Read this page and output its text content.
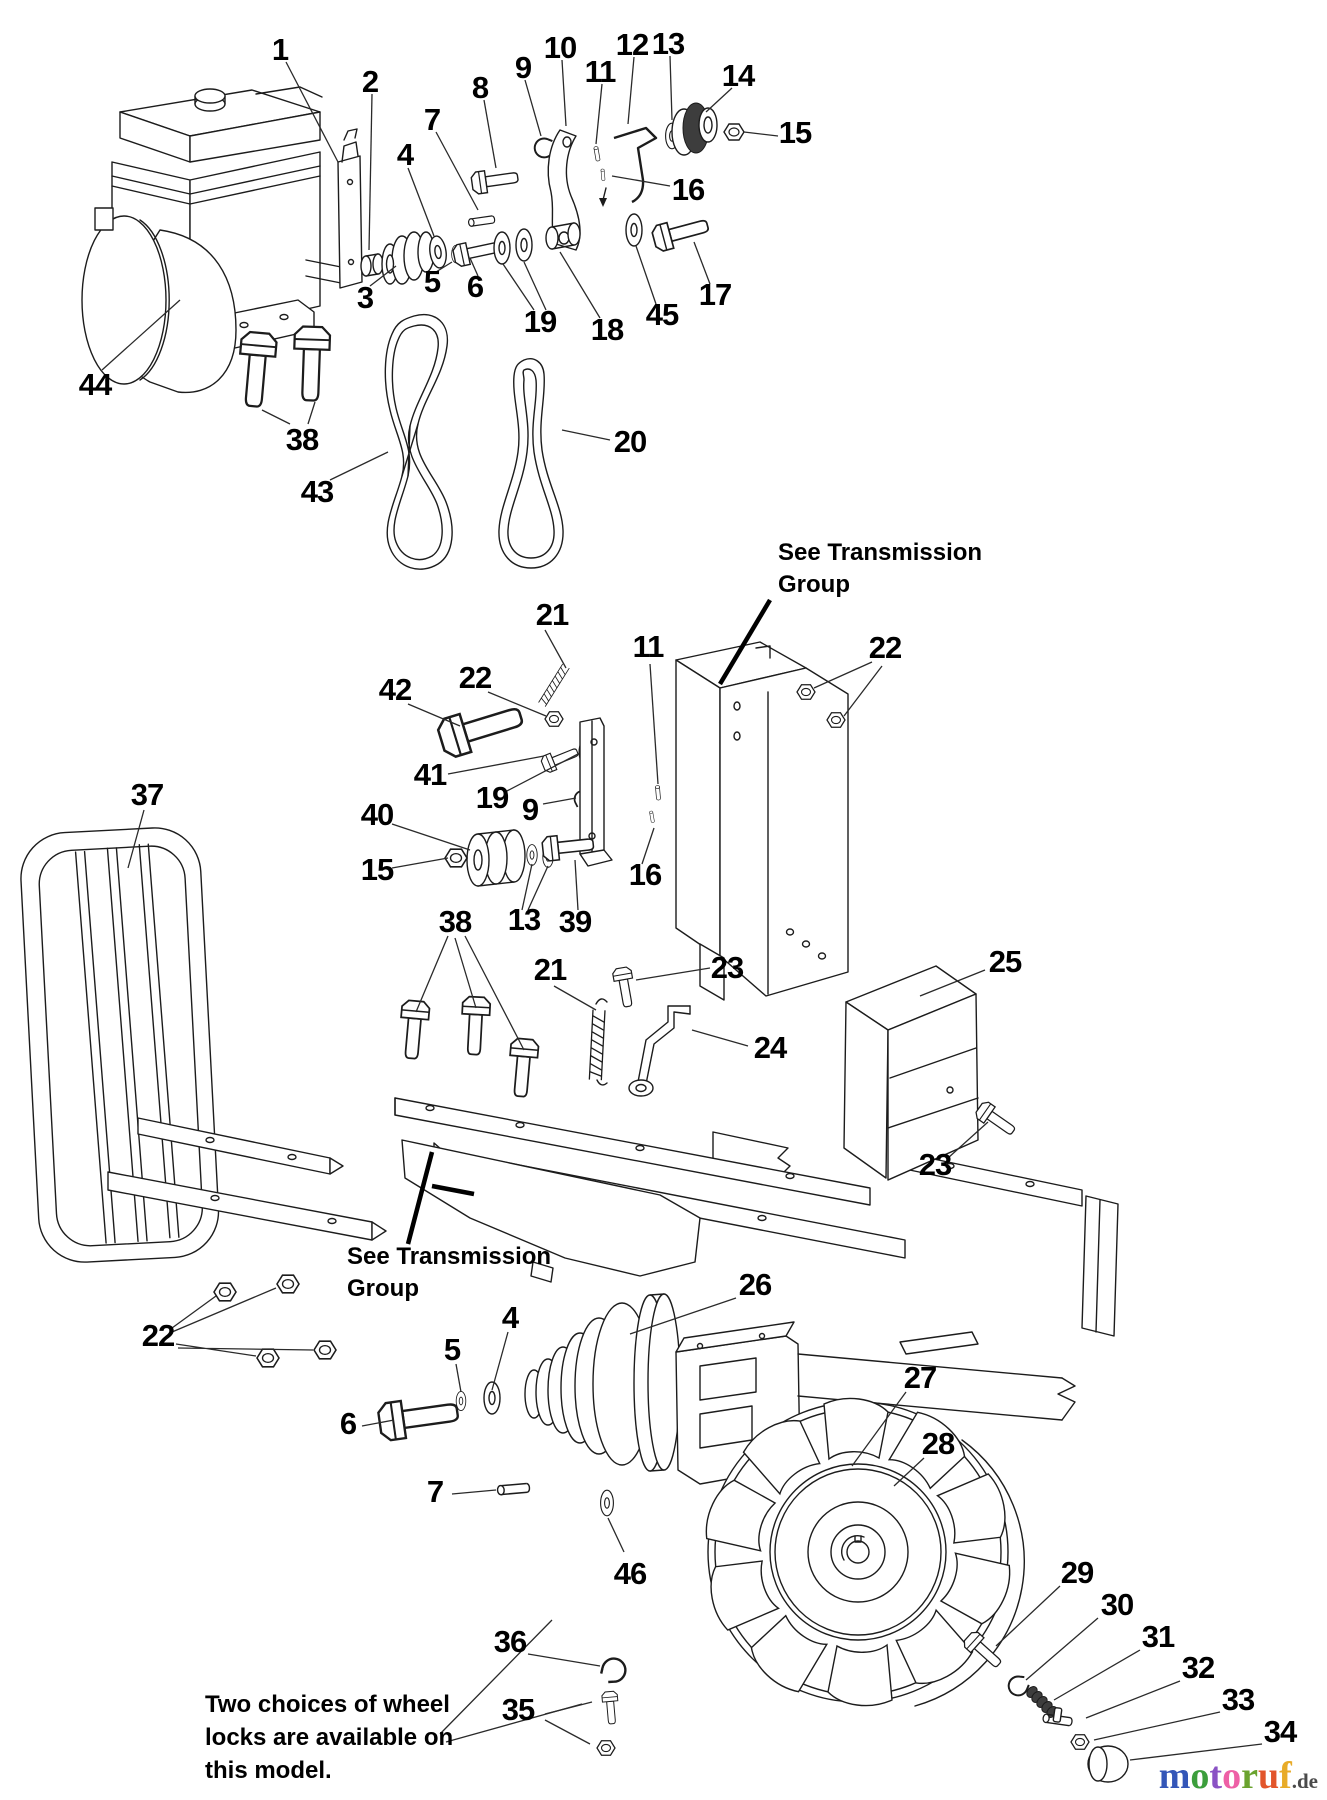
1
2
7
8
9
10
11
12 13
14
15
16
4
3 5 6
19 18 45
17
44
38
43
20
21
42 22
11	22
41
19 9
37
40
15	16
38 13 39
21	23
24
25
23
26
22
4
5
6
27
28
7
46	29
30
31
32
33
34
36
35
See Transmission
Group
See Transmission
Group
Two choices of wheel
locks are available on
this model.	motoruf.de
